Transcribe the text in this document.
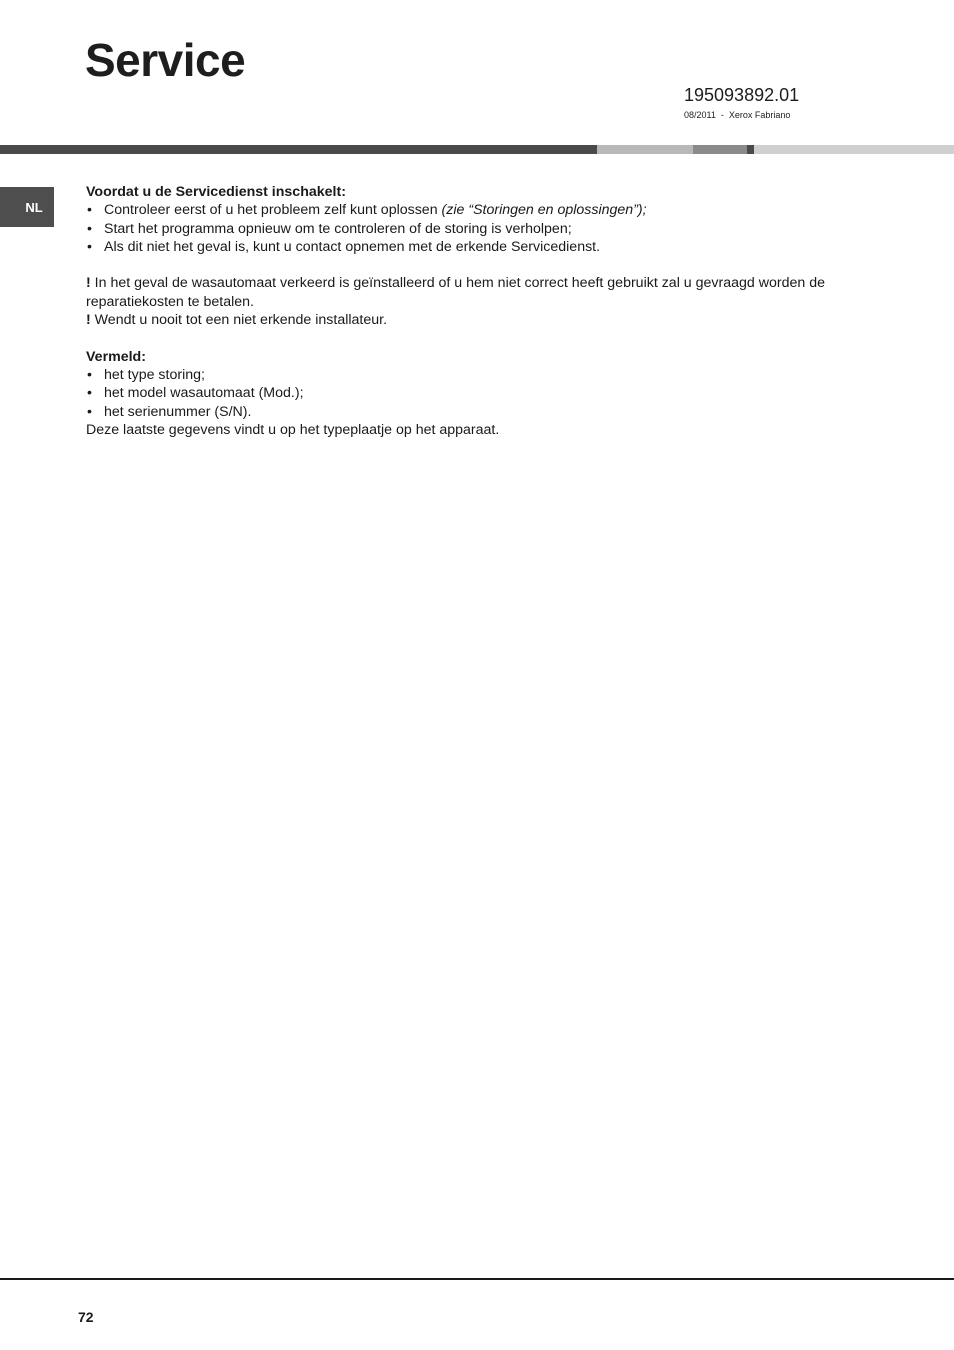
Service
195093892.01
08/2011  -  Xerox Fabriano
NL

Voordat u de Servicedienst inschakelt:

• Controleer eerst of u het probleem zelf kunt oplossen (zie “Storingen en oplossingen”);
• Start het programma opnieuw om te controleren of de storing is verholpen;
• Als dit niet het geval is, kunt u contact opnemen met de erkende Servicedienst.

! In het geval de wasautomaat verkeerd is geïnstalleerd of u hem niet correct heeft gebruikt zal u gevraagd worden de reparatiekosten te betalen.

! Wendt u nooit tot een niet erkende installateur.

Vermeld:

• het type storing;
• het model wasautomaat (Mod.);
• het serienummer (S/N).

Deze laatste gegevens vindt u op het typeplaatje op het apparaat.

72
